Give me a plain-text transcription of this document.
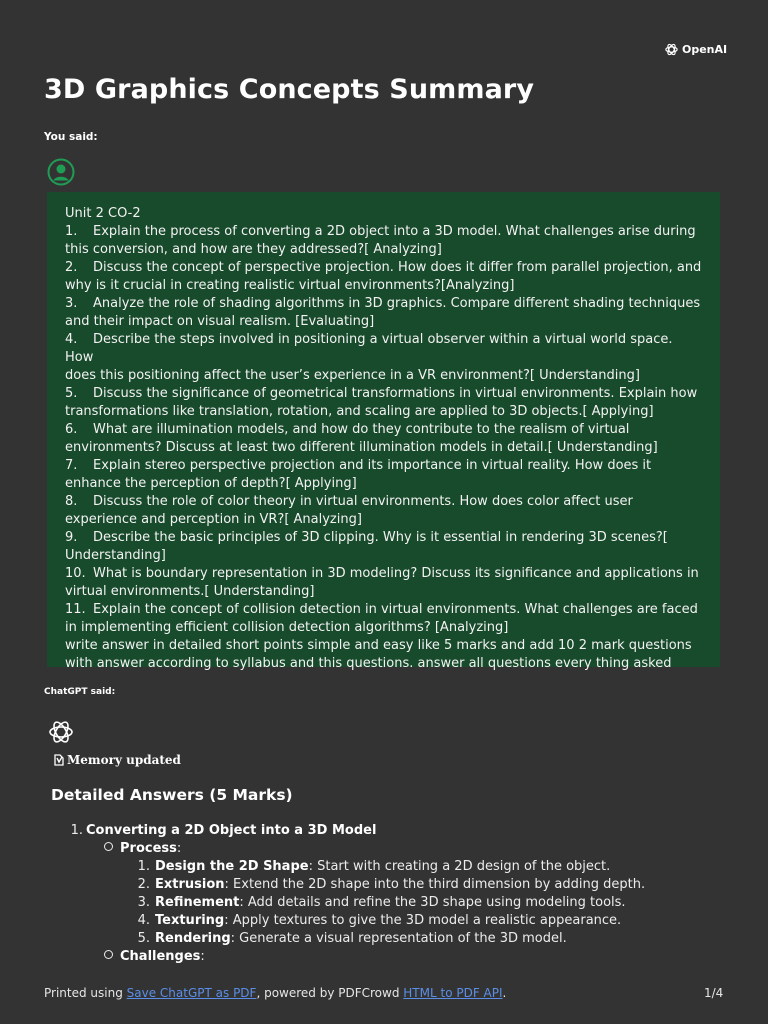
OpenAI
3D Graphics Concepts Summary
You said:

Unit 2 CO-2

1. Explain the process of converting a 2D object into a 3D model. What challenges arise during

this conversion, and how are they addressed?[ Analyzing]

2. Discuss the concept of perspective projection. How does it differ from parallel projection, and

why is it crucial in creating realistic virtual environments?[Analyzing]

3. Analyze the role of shading algorithms in 3D graphics. Compare different shading techniques

and their impact on visual realism. [Evaluating]

4. Describe the steps involved in positioning a virtual observer within a virtual world space. How

does this positioning affect the user’s experience in a VR environment?[ Understanding]

5. Discuss the significance of geometrical transformations in virtual environments. Explain how

transformations like translation, rotation, and scaling are applied to 3D objects.[ Applying]

6. What are illumination models, and how do they contribute to the realism of virtual

environments? Discuss at least two different illumination models in detail.[ Understanding]

7. Explain stereo perspective projection and its importance in virtual reality. How does it

enhance the perception of depth?[ Applying]

8. Discuss the role of color theory in virtual environments. How does color affect user

experience and perception in VR?[ Analyzing]

9. Describe the basic principles of 3D clipping. Why is it essential in rendering 3D scenes?[

Understanding]

10. What is boundary representation in 3D modeling? Discuss its significance and applications in

virtual environments.[ Understanding]

11. Explain the concept of collision detection in virtual environments. What challenges are faced

in implementing efficient collision detection algorithms? [Analyzing]

write answer in detailed short points simple and easy like 5 marks and add 10 2 mark questions

with answer according to syllabus and this questions. answer all questions every thing asked

ChatGPT said:
Memory updated
Detailed Answers (5 Marks)
1. Converting a 2D Object into a 3D Model
Process :
1. Design the 2D Shape : Start with creating a 2D design of the object.
2. Extrusion : Extend the 2D shape into the third dimension by adding depth.
3. Refinement : Add details and refine the 3D shape using modeling tools.
4. Texturing : Apply textures to give the 3D model a realistic appearance.
5. Rendering : Generate a visual representation of the 3D model.
Challenges :
Printed using Save ChatGPT as PDF, powered by PDFCrowd HTML to PDF API.	1/4
